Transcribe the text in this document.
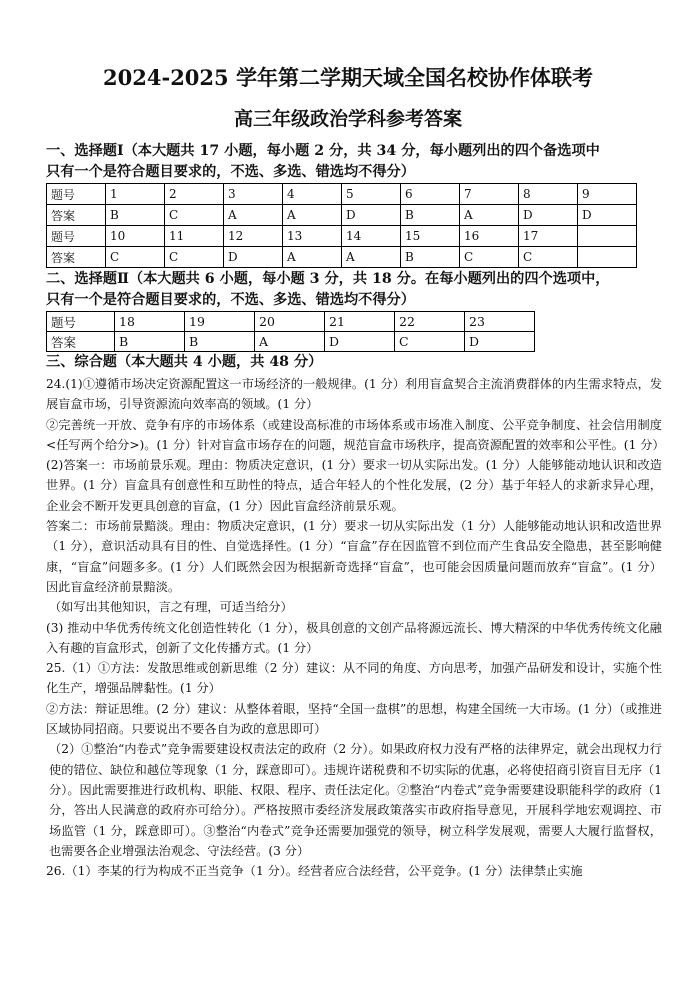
2024-2025 学年第二学期天域全国名校协作体联考
高三年级政治学科参考答案
一、选择题Ⅰ（本大题共 17 小题，每小题 2 分，共 34 分，每小题列出的四个备选项中
只有一个是符合题目要求的，不选、多选、错选均不得分）
题号	1	2	3	4	5	6	7	8	9
答案	B	C	A	A	D	B	A	D	D
题号	10	11	12	13	14	15	16	17	
答案	C	C	D	A	A	B	C	C	
二、选择题Ⅱ（本大题共 6 小题，每小题 3 分，共 18 分。在每小题列出的四个选项中，
只有一个是符合题目要求的，不选、多选、错选均不得分）
题号	18	19	20	21	22	23
答案	B	B	A	D	C	D
三、综合题（本大题共 4 小题，共 48 分）

24.(1)①遵循市场决定资源配置这一市场经济的一般规律。(1 分）利用盲盒契合主流消费群体的内生需求特点，发展盲盒市场，引导资源流向效率高的领域。(1 分）

②完善统一开放、竞争有序的市场体系（或建设高标准的市场体系或市场准入制度、公平竞争制度、社会信用制度<任写两个给分>)。(1 分）针对盲盒市场存在的问题，规范盲盒市场秩序，提高资源配置的效率和公平性。(1 分）

(2)答案一：市场前景乐观。理由：物质决定意识，(1 分）要求一切从实际出发。(1 分）人能够能动地认识和改造世界。(1 分）盲盒具有创意性和互助性的特点，适合年轻人的个性化发展，(2 分）基于年轻人的求新求异心理，企业会不断开发更具创意的盲盒，(1 分）因此盲盒经济前景乐观。

答案二：市场前景黯淡。理由：物质决定意识，(1 分）要求一切从实际出发（1 分）人能够能动地认识和改造世界（1 分），意识活动具有目的性、自觉选择性。(1 分）“盲盒”存在因监管不到位而产生食品安全隐患，甚至影响健康，“盲盒”问题多多。(1 分）人们既然会因为根据新奇选择“盲盒”，也可能会因质量问题而放弃“盲盒”。(1 分）因此盲盒经济前景黯淡。

（如写出其他知识，言之有理，可适当给分）

(3) 推动中华优秀传统文化创造性转化（1 分），极具创意的文创产品将源远流长、博大精深的中华优秀传统文化融入有趣的盲盒形式，创新了文化传播方式。(1 分）

25.（1）①方法：发散思维或创新思维（2 分）建议：从不同的角度、方向思考，加强产品研发和设计，实施个性化生产，增强品牌黏性。(1 分）

②方法：辩证思维。(2 分）建议：从整体着眼，坚持“全国一盘棋”的思想，构建全国统一大市场。(1 分）（或推进区域协同招商。只要说出不要各自为政的意思即可）

（2）①整治“内卷式”竞争需要建设权责法定的政府（2 分）。如果政府权力没有严格的法律界定，就会出现权力行使的错位、缺位和越位等现象（1 分，踩意即可）。违规许诺税费和不切实际的优惠，必将使招商引资盲目无序（1 分）。因此需要推进行政机构、职能、权限、程序、责任法定化。②整治“内卷式”竞争需要建设职能科学的政府（1 分，答出人民满意的政府亦可给分）。严格按照市委经济发展政策落实市政府指导意见，开展科学地宏观调控、市场监管（1 分，踩意即可）。③整治“内卷式”竞争还需要加强党的领导，树立科学发展观，需要人大履行监督权，也需要各企业增强法治观念、守法经营。(3 分）

26.（1）李某的行为构成不正当竞争（1 分）。经营者应合法经营，公平竞争。(1 分）法律禁止实施
